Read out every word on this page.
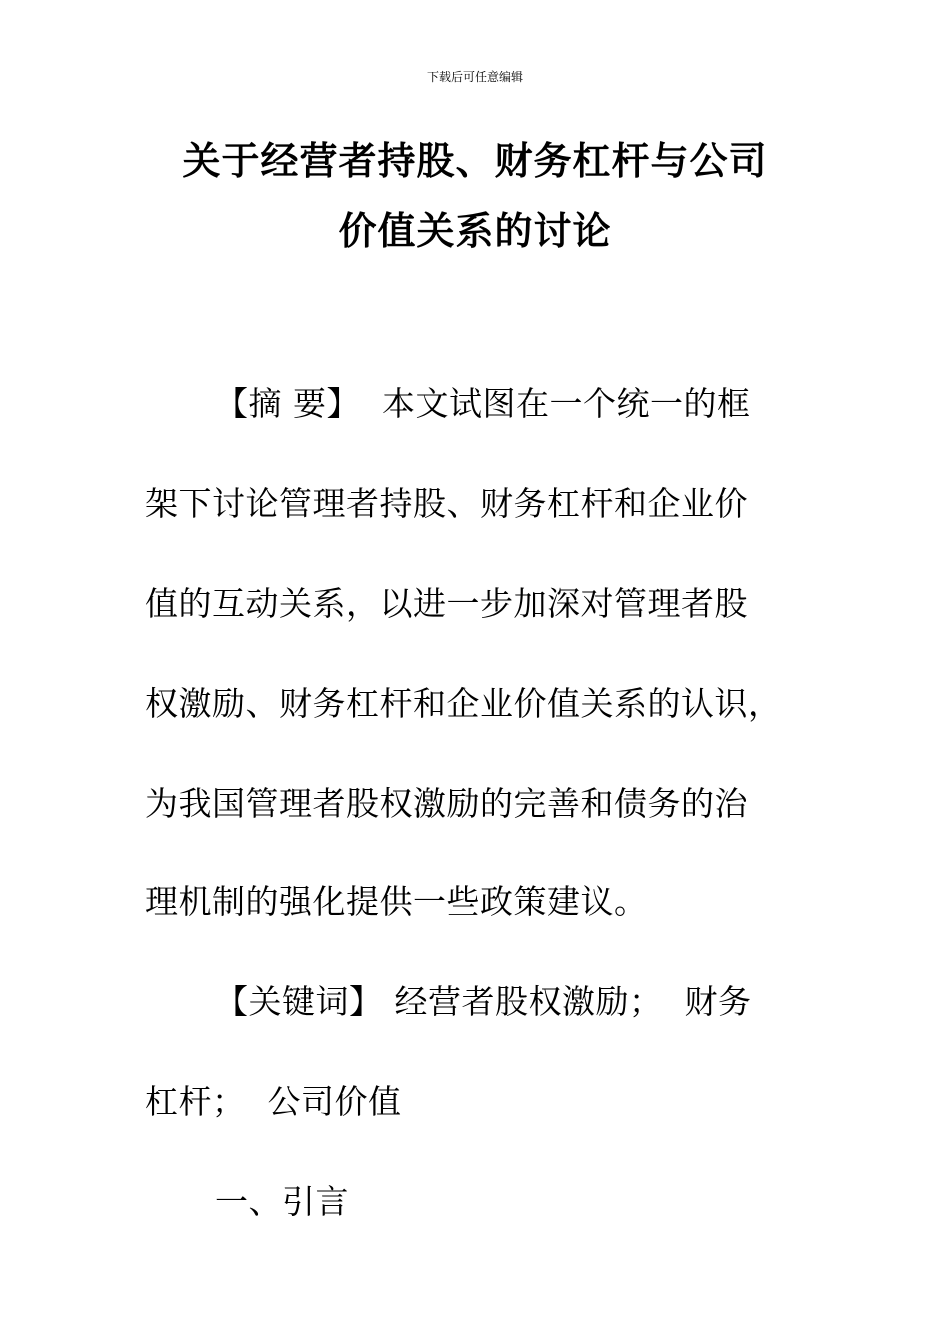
下载后可任意编辑
关于经营者持股、财务杠杆与公司
价值关系的讨论
【摘 要】 本文试图在一个统一的框
架下讨论管理者持股、财务杠杆和企业价
值的互动关系，以进一步加深对管理者股
权激励、财务杠杆和企业价值关系的认识，
为我国管理者股权激励的完善和债务的治
理机制的强化提供一些政策建议。
【关键词】 经营者股权激励； 财务
杠杆； 公司价值
一、引言
